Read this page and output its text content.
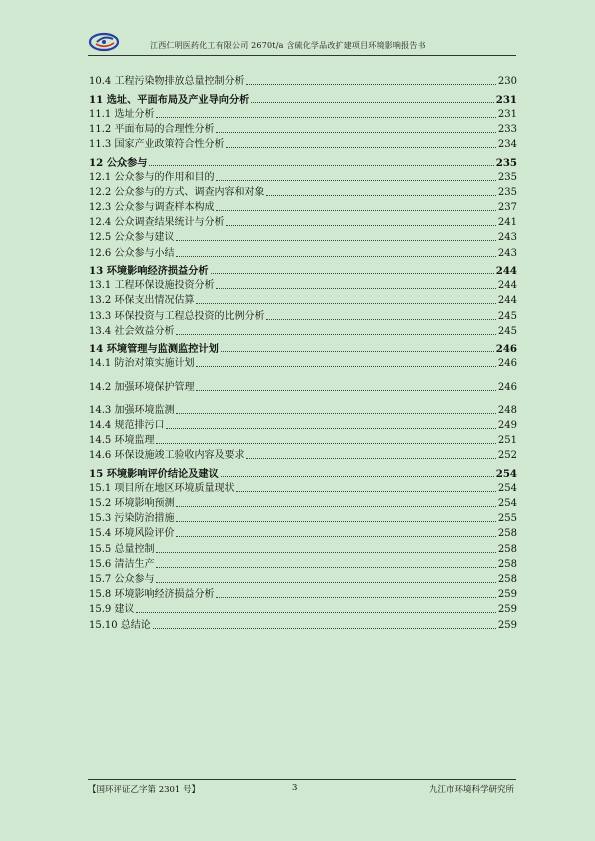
江西仁明医药化工有限公司 2670t/a 含硫化学品改扩建项目环境影响报告书
10.4 工程污染物排放总量控制分析	230
11 选址、平面布局及产业导向分析	231
11.1 选址分析	231
11.2 平面布局的合理性分析	233
11.3 国家产业政策符合性分析	234
12 公众参与	235
12.1 公众参与的作用和目的	235
12.2 公众参与的方式、调查内容和对象	235
12.3 公众参与调查样本构成	237
12.4 公众调查结果统计与分析	241
12.5 公众参与建议	243
12.6 公众参与小结	243
13 环境影响经济损益分析	244
13.1 工程环保设施投资分析	244
13.2 环保支出情况估算	244
13.3 环保投资与工程总投资的比例分析	245
13.4 社会效益分析	245
14 环境管理与监测监控计划	246
14.1 防治对策实施计划	246
14.2 加强环境保护管理	246
14.3 加强环境监测	248
14.4 规范排污口	249
14.5 环境监理	251
14.6 环保设施竣工验收内容及要求	252
15 环境影响评价结论及建议	254
15.1 项目所在地区环境质量现状	254
15.2 环境影响预测	254
15.3 污染防治措施	255
15.4 环境风险评价	258
15.5 总量控制	258
15.6 清洁生产	258
15.7 公众参与	258
15.8 环境影响经济损益分析	259
15.9 建议	259
15.10 总结论	259
【国环评证乙字第 2301 号】	3	九江市环境科学研究所
